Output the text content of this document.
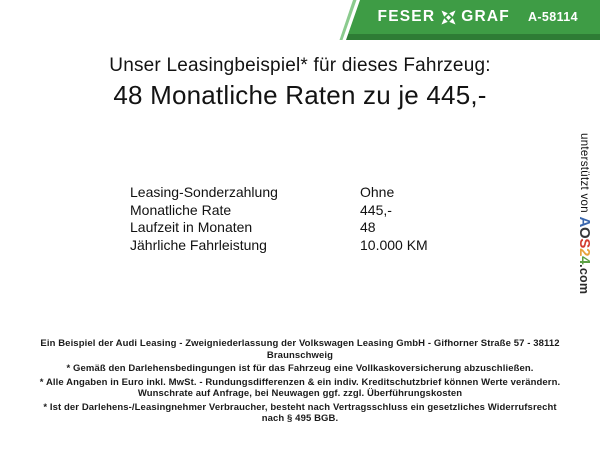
FESER GRAF A-58114
Unser Leasingbeispiel* für dieses Fahrzeug:
48 Monatliche Raten zu je 445,-
Leasing-Sonderzahlung	Ohne
Monatliche Rate	445,-
Laufzeit in Monaten	48
Jährliche Fahrleistung	10.000 KM
unterstützt von AOS24.com
Ein Beispiel der Audi Leasing - Zweigniederlassung der Volkswagen Leasing GmbH - Gifhorner Straße 57 - 38112
Braunschweig
* Gemäß den Darlehensbedingungen ist für das Fahrzeug eine Vollkaskoversicherung abzuschließen.
* Alle Angaben in Euro inkl. MwSt. - Rundungsdifferenzen & ein indiv. Kreditschutzbrief können Werte verändern.
Wunschrate auf Anfrage, bei Neuwagen ggf. zzgl. Überführungskosten
* Ist der Darlehens-/Leasingnehmer Verbraucher, besteht nach Vertragsschluss ein gesetzliches Widerrufsrecht
nach § 495 BGB.
